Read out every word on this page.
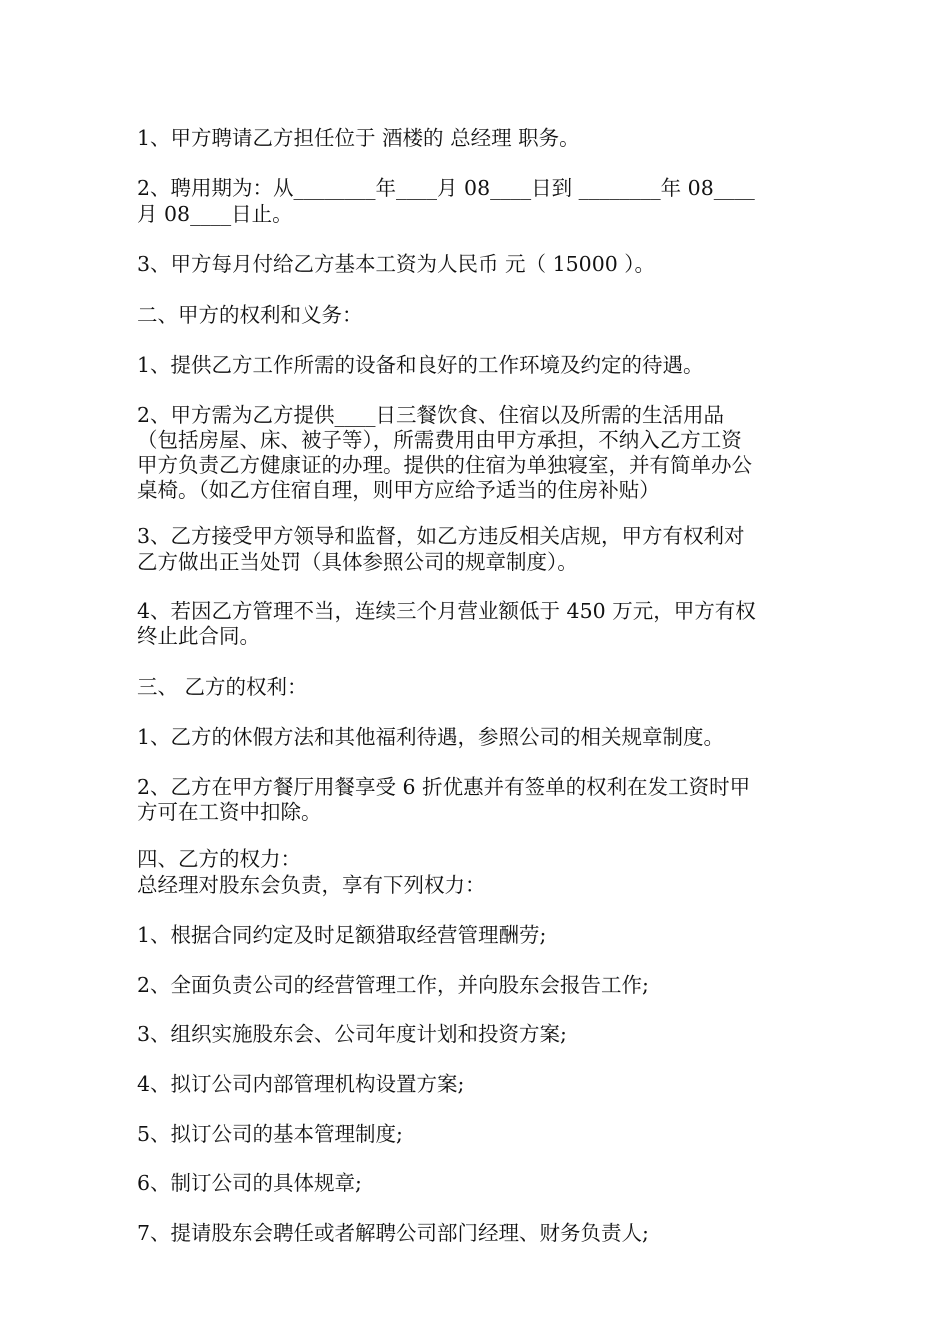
1、甲方聘请乙方担任位于 酒楼的 总经理 职务。
2、聘用期为：从________年____月 08____日到 ________年 08____
月 08____日止。
3、甲方每月付给乙方基本工资为人民币 元（ 15000 ）。
二、甲方的权利和义务：
1、提供乙方工作所需的设备和良好的工作环境及约定的待遇。
2、甲方需为乙方提供____日三餐饮食、住宿以及所需的生活用品
（包括房屋、床、被子等），所需费用由甲方承担，不纳入乙方工资
甲方负责乙方健康证的办理。提供的住宿为单独寝室，并有简单办公
桌椅。（如乙方住宿自理，则甲方应给予适当的住房补贴）
3、乙方接受甲方领导和监督，如乙方违反相关店规，甲方有权利对
乙方做出正当处罚（具体参照公司的规章制度）。
4、若因乙方管理不当，连续三个月营业额低于 450 万元，甲方有权
终止此合同。
三、 乙方的权利：
1、乙方的休假方法和其他福利待遇，参照公司的相关规章制度。
2、乙方在甲方餐厅用餐享受 6 折优惠并有签单的权利在发工资时甲
方可在工资中扣除。
四、乙方的权力：
总经理对股东会负责，享有下列权力：
1、根据合同约定及时足额猎取经营管理酬劳;
2、全面负责公司的经营管理工作，并向股东会报告工作;
3、组织实施股东会、公司年度计划和投资方案;
4、拟订公司内部管理机构设置方案;
5、拟订公司的基本管理制度;
6、制订公司的具体规章;
7、提请股东会聘任或者解聘公司部门经理、财务负责人;
